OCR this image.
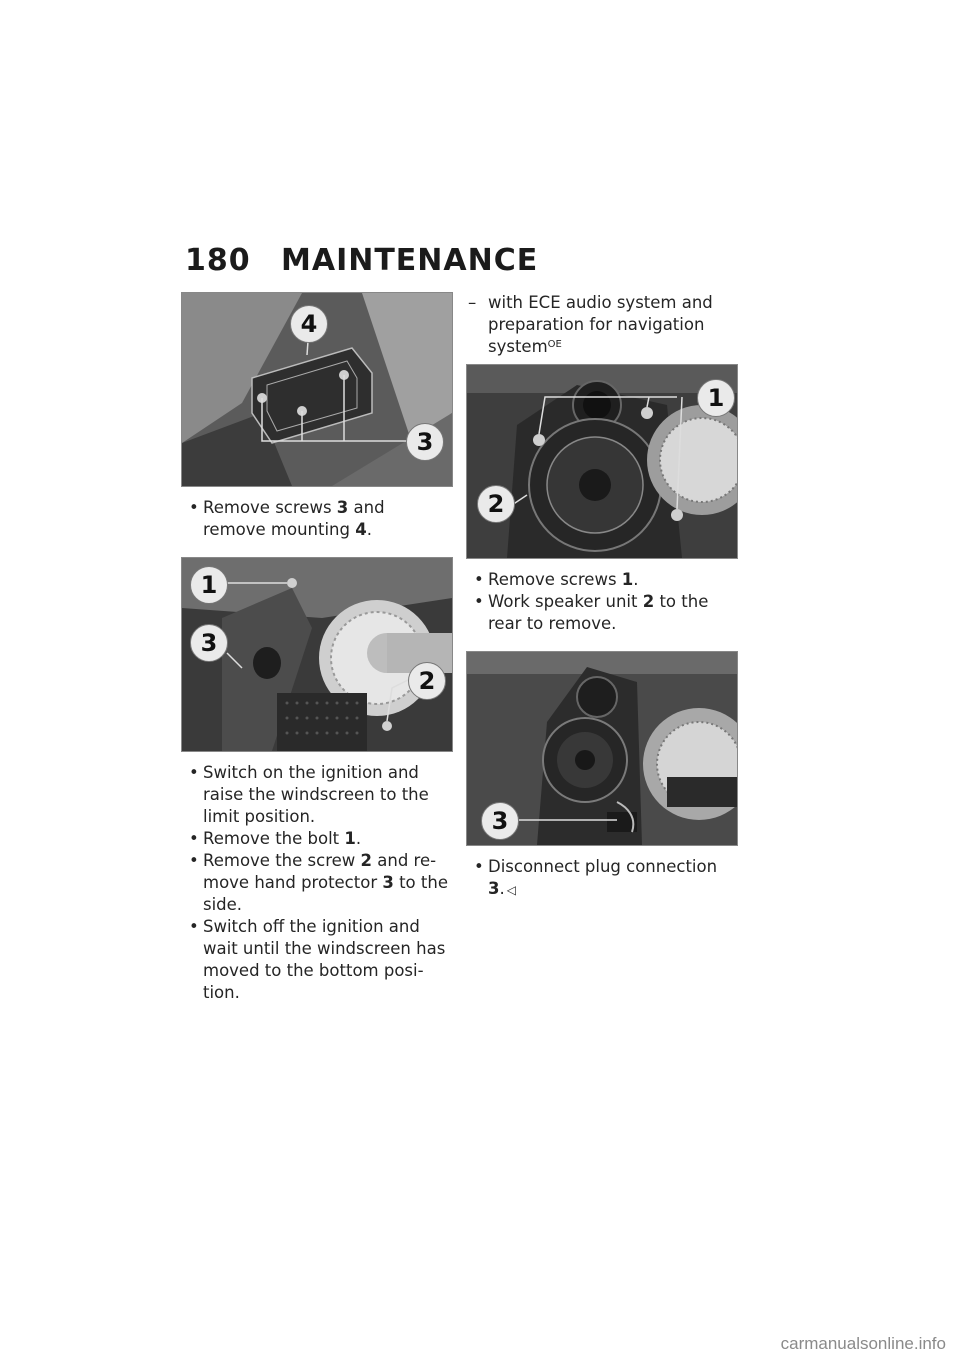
180	MAINTENANCE
4
3
• Remove screws 3 and remove mounting 4.
1
3
2
• Switch on the ignition and raise the windscreen to the limit position.
• Remove the bolt 1.
• Remove the screw 2 and remove hand protector 3 to the side.
• Switch off the ignition and wait until the windscreen has moved to the bottom position.
– with ECE audio system and preparation for navigation system$^{OE}$
1
2
• Remove screws 1.
• Work speaker unit 2 to the rear to remove.
3
• Disconnect plug connection 3. ◁
carmanualsonline.info
